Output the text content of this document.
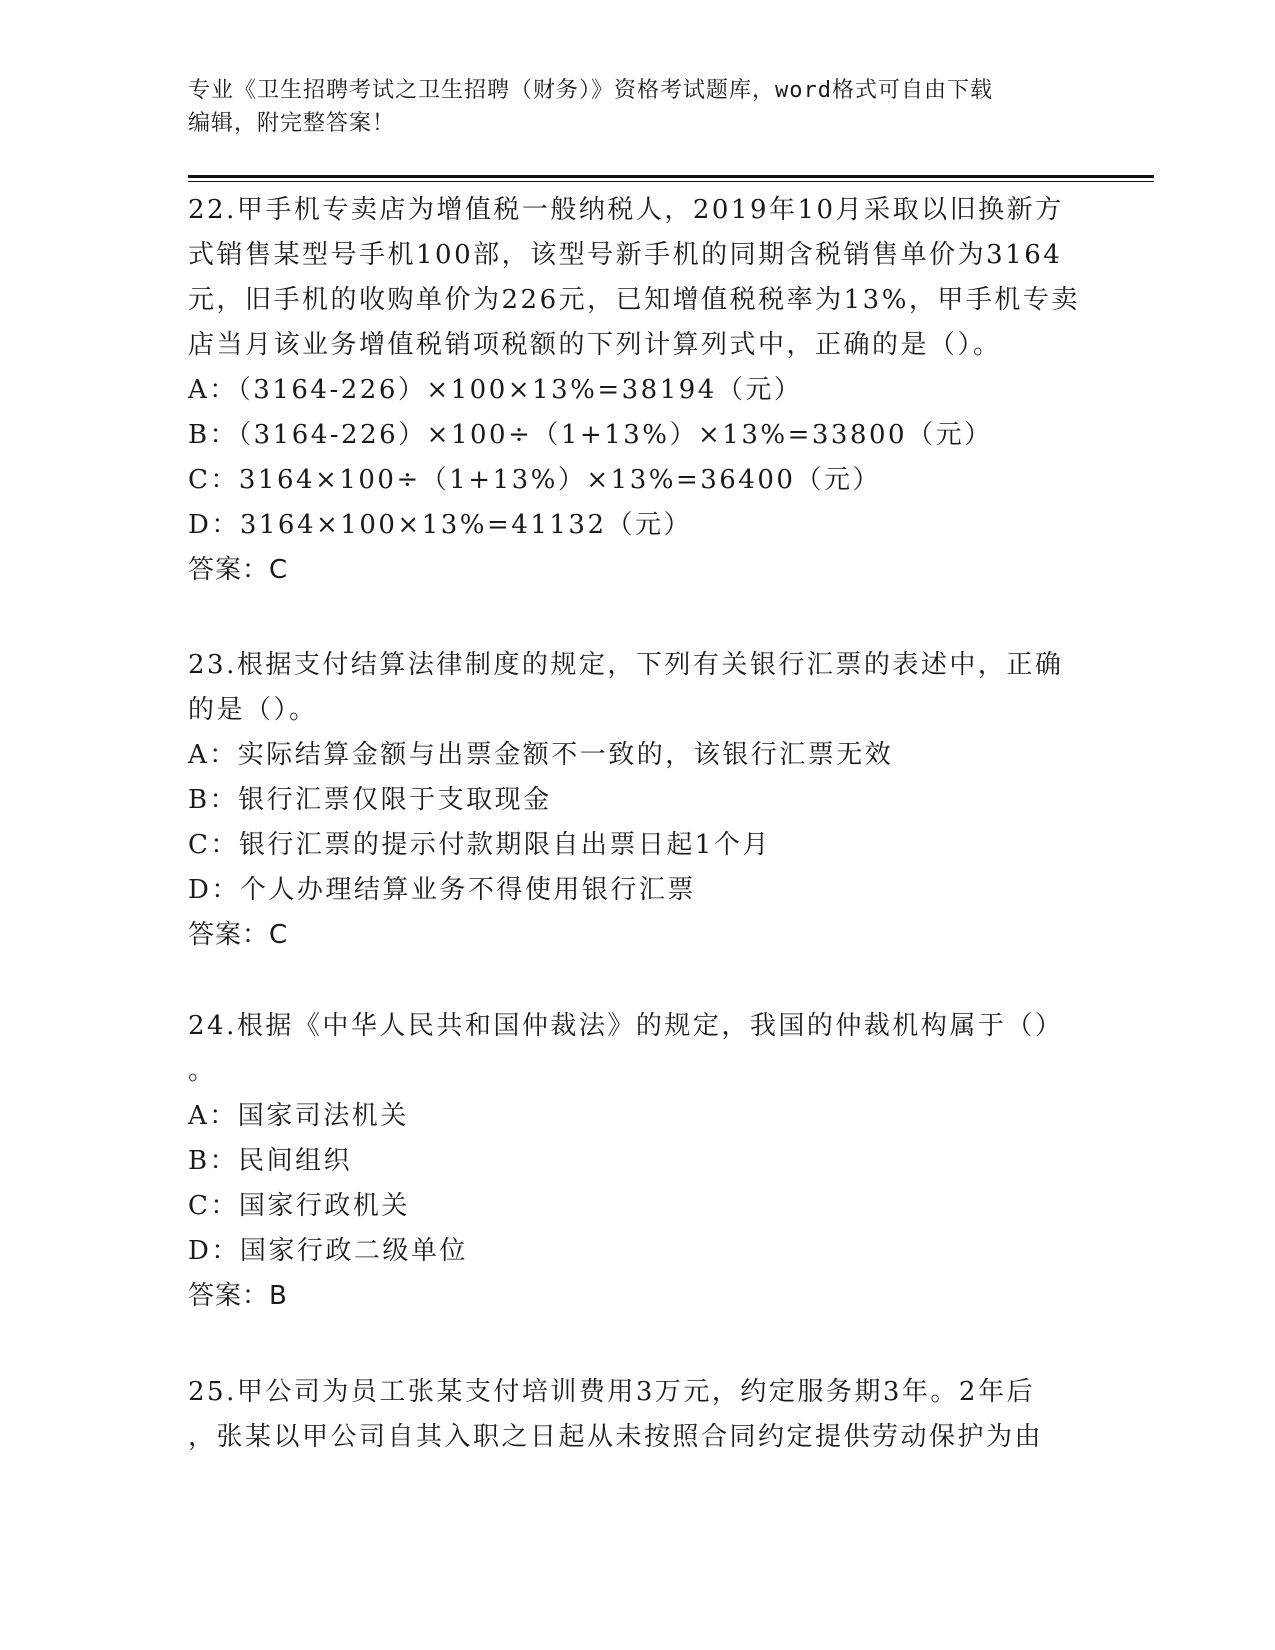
专业《卫生招聘考试之卫生招聘（财务）》资格考试题库，word格式可自由下载
编辑，附完整答案！
22.甲手机专卖店为增值税一般纳税人，2019年10月采取以旧换新方
式销售某型号手机100部，该型号新手机的同期含税销售单价为3164
元，旧手机的收购单价为226元，已知增值税税率为13%，甲手机专卖
店当月该业务增值税销项税额的下列计算列式中，正确的是（）。
A：（3164-226）×100×13%=38194（元）
B：（3164-226）×100÷（1+13%）×13%=33800（元）
C：3164×100÷（1+13%）×13%=36400（元）
D：3164×100×13%=41132（元）
答案：C
23.根据支付结算法律制度的规定，下列有关银行汇票的表述中，正确
的是（）。
A：实际结算金额与出票金额不一致的，该银行汇票无效
B：银行汇票仅限于支取现金
C：银行汇票的提示付款期限自出票日起1个月
D：个人办理结算业务不得使用银行汇票
答案：C
24.根据《中华人民共和国仲裁法》的规定，我国的仲裁机构属于（）
。
A：国家司法机关
B：民间组织
C：国家行政机关
D：国家行政二级单位
答案：B
25.甲公司为员工张某支付培训费用3万元，约定服务期3年。2年后
，张某以甲公司自其入职之日起从未按照合同约定提供劳动保护为由
